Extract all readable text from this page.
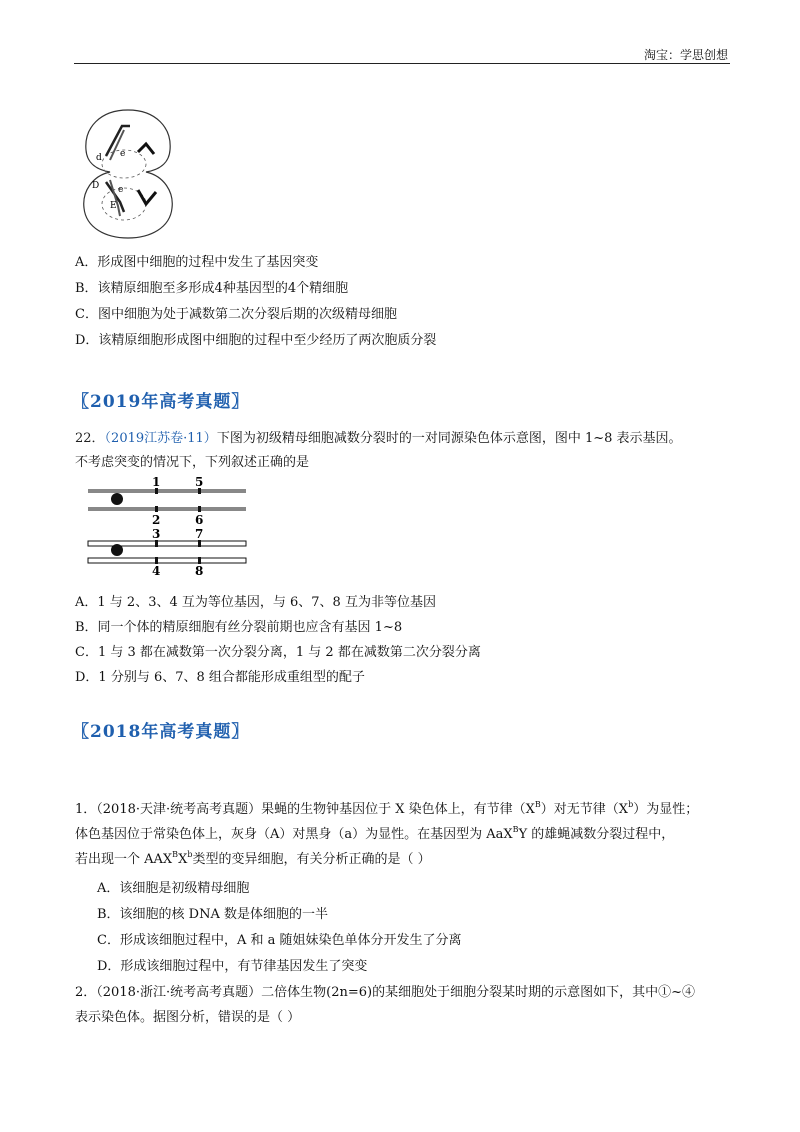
淘宝：学思创想
d e
D e
E
A．形成图中细胞的过程中发生了基因突变
B．该精原细胞至多形成4种基因型的4个精细胞
C．图中细胞为处于减数第二次分裂后期的次级精母细胞
D．该精原细胞形成图中细胞的过程中至少经历了两次胞质分裂
〖2019年高考真题〗
22．（2019江苏卷·11）下图为初级精母细胞减数分裂时的一对同源染色体示意图，图中 1~8 表示基因。
不考虑突变的情况下，下列叙述正确的是
1	5
2	6
3	7
4	8
A．1 与 2、3、4 互为等位基因，与 6、7、8 互为非等位基因
B．同一个体的精原细胞有丝分裂前期也应含有基因 1~8
C．1 与 3 都在减数第一次分裂分离，1 与 2 都在减数第二次分裂分离
D．1 分别与 6、7、8 组合都能形成重组型的配子
〖2018年高考真题〗
1．（2018·天津·统考高考真题）果蝇的生物钟基因位于 X 染色体上，有节律$(X^B)$对无节律$(X^b)$为显性；
体色基因位于常染色体上，灰身（A）对黑身（a）为显性。在基因型为 AaX$^B$Y 的雄蝇减数分裂过程中，
若出现一个 $AAX^BX^b$类型的变异细胞，有关分析正确的是（ ）
A．该细胞是初级精母细胞
B．该细胞的核 DNA 数是体细胞的一半
C．形成该细胞过程中，A 和 a 随姐妹染色单体分开发生了分离
D．形成该细胞过程中，有节律基因发生了突变
2．（2018·浙江·统考高考真题）二倍体生物(2n=6)的某细胞处于细胞分裂某时期的示意图如下，其中①~④
表示染色体。据图分析，错误的是（ ）
